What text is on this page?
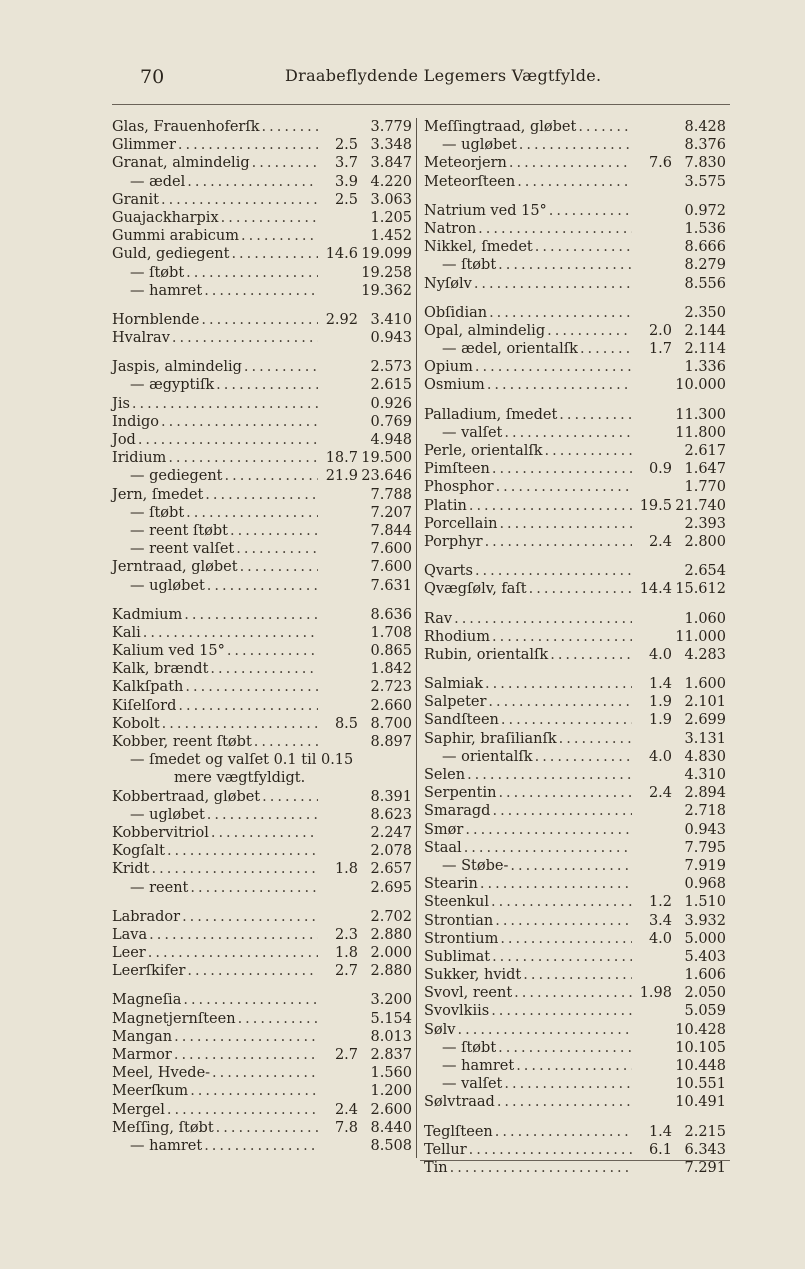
70	Draabeflydende Legemers Vægtfylde.
Glas, Frauenhoferſk .....	3.779
Glimmer .....	2.5 3.348
Granat, almindelig .....	3.7 3.847
— ædel .....	3.9 4.220
Granit .....	2.5 3.063
Guajackharpix .....	1.205
Gummi arabicum .....	1.452
Guld, gediegent .....	14.6 19.099
— ſtøbt .....	19.258
— hamret .....	19.362
Hornblende .....	2.92 3.410
Hvalrav .....	0.943
Jaspis, almindelig .....	2.573
— ægyptiſk .....	2.615
Jis .....	0.926
Indigo .....	0.769
Jod .....	4.948
Iridium .....	18.7 19.500
— gediegent .....	21.9 23.646
Jern, ſmedet .....	7.788
— ſtøbt .....	7.207
— reent ſtøbt .....	7.844
— reent valſet .....	7.600
Jerntraad, gløbet .....	7.600
— ugløbet .....	7.631
Kadmium .....	8.636
Kali .....	1.708
Kalium ved 15° .....	0.865
Kalk, brændt .....	1.842
Kalkſpath .....	2.723
Kiſelſord .....	2.660
Kobolt .....	8.5 8.700
Kobber, reent ſtøbt .....	8.897
— ſmedet og valſet 0.1 til 0.15
mere vægtfyldigt.
Kobbertraad, gløbet .....	8.391
— ugløbet .....	8.623
Kobbervitriol .....	2.247
Kogſalt .....	2.078
Kridt .....	1.8 2.657
— reent .....	2.695
Labrador .....	2.702
Lava .....	2.3 2.880
Leer .....	1.8 2.000
Leerſkifer .....	2.7 2.880
Magneſia .....	3.200
Magnetjernſteen .....	5.154
Mangan .....	8.013
Marmor .....	2.7 2.837
Meel, Hvede- .....	1.560
Meerſkum .....	1.200
Mergel .....	2.4 2.600
Meſſing, ſtøbt .....	7.8 8.440
— hamret .....	8.508
Meſſingtraad, gløbet .....	8.428
— ugløbet .....	8.376
Meteorjern .....	7.6 7.830
Meteorſteen .....	3.575
Natrium ved 15° .....	0.972
Natron .....	1.536
Nikkel, ſmedet .....	8.666
— ſtøbt .....	8.279
Nyſølv .....	8.556
Obſidian .....	2.350
Opal, almindelig .....	2.0 2.144
— ædel, orientalſk .....	1.7 2.114
Opium .....	1.336
Osmium .....	10.000
Palladium, ſmedet .....	11.300
— valſet .....	11.800
Perle, orientalſk .....	2.617
Pimſteen .....	0.9 1.647
Phosphor .....	1.770
Platin .....	19.5 21.740
Porcellain .....	2.393
Porphyr .....	2.4 2.800
Qvarts .....	2.654
Qvægſølv, faſt .....	14.4 15.612
Rav .....	1.060
Rhodium .....	11.000
Rubin, orientalſk .....	4.0 4.283
Salmiak .....	1.4 1.600
Salpeter .....	1.9 2.101
Sandſteen .....	1.9 2.699
Saphir, braſilianſk .....	3.131
— orientalſk .....	4.0 4.830
Selen .....	4.310
Serpentin .....	2.4 2.894
Smaragd .....	2.718
Smør .....	0.943
Staal .....	7.795
— Støbe- .....	7.919
Stearin .....	0.968
Steenkul .....	1.2 1.510
Strontian .....	3.4 3.932
Strontium .....	4.0 5.000
Sublimat .....	5.403
Sukker, hvidt .....	1.606
Svovl, reent .....	1.98 2.050
Svovlkiis .....	5.059
Sølv .....	10.428
— ſtøbt .....	10.105
— hamret .....	10.448
— valſet .....	10.551
Sølvtraad .....	10.491
Teglſteen .....	1.4 2.215
Tellur .....	6.1 6.343
Tin .....	7.291
